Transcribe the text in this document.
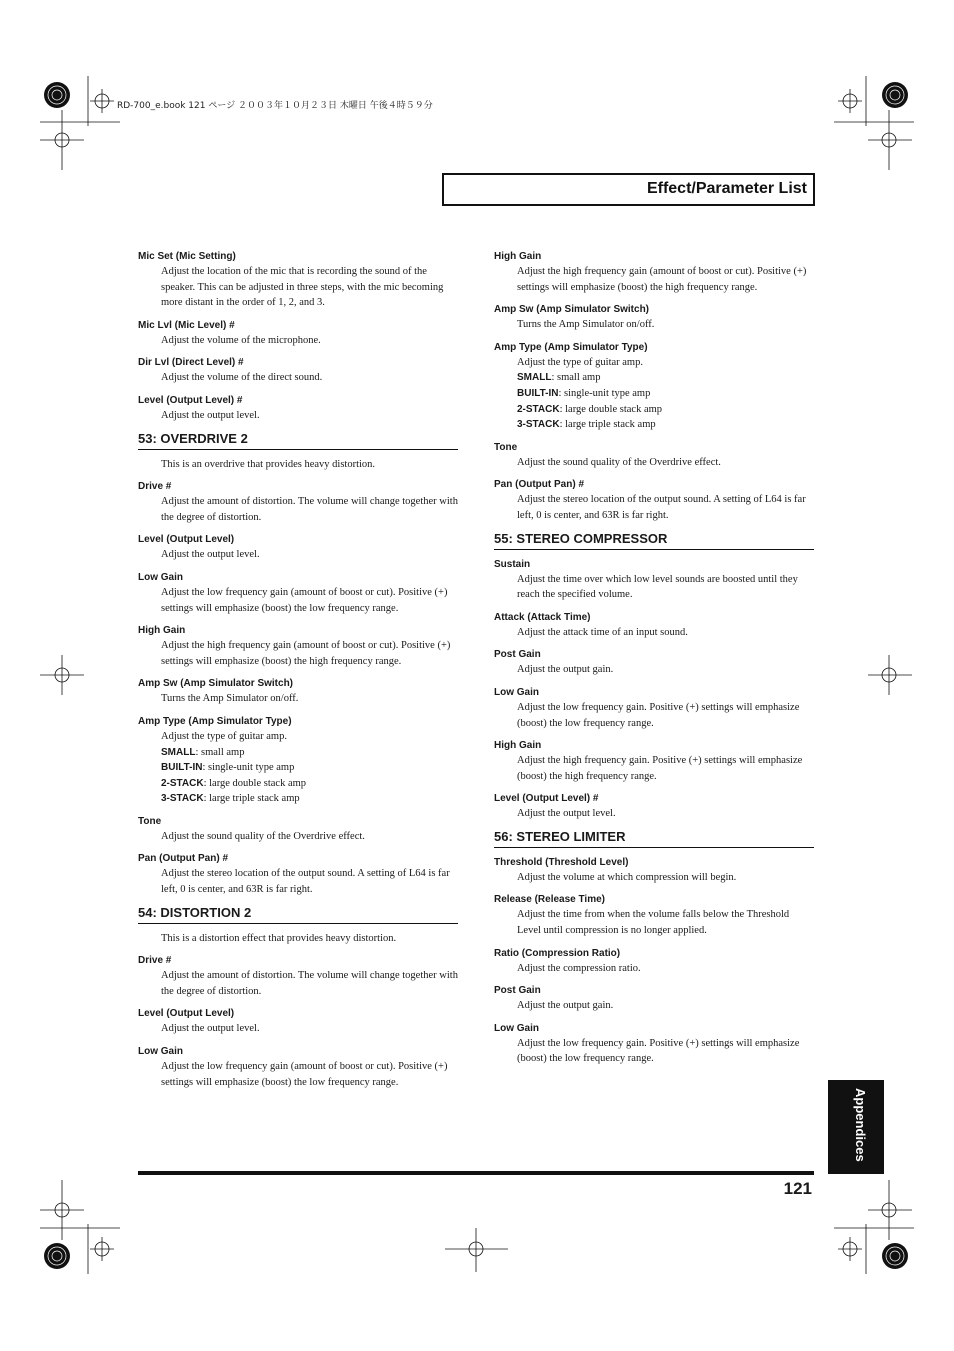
RD-700_e.book 121 ページ ２００３年１０月２３日 木曜日 午後４時５９分
Effect/Parameter List
Mic Set (Mic Setting)
Adjust the location of the mic that is recording the sound of the speaker. This can be adjusted in three steps, with the mic becoming more distant in the order of 1, 2, and 3.
Mic Lvl (Mic Level) #
Adjust the volume of the microphone.
Dir Lvl (Direct Level) #
Adjust the volume of the direct sound.
Level (Output Level) #
Adjust the output level.
53: OVERDRIVE 2
This is an overdrive that provides heavy distortion.
Drive #
Adjust the amount of distortion. The volume will change together with the degree of distortion.
Level (Output Level)
Adjust the output level.
Low Gain
Adjust the low frequency gain (amount of boost or cut). Positive (+) settings will emphasize (boost) the low frequency range.
High Gain
Adjust the high frequency gain (amount of boost or cut). Positive (+) settings will emphasize (boost) the high frequency range.
Amp Sw (Amp Simulator Switch)
Turns the Amp Simulator on/off.
Amp Type (Amp Simulator Type)
Adjust the type of guitar amp.
SMALL: small amp
BUILT-IN: single-unit type amp
2-STACK: large double stack amp
3-STACK: large triple stack amp
Tone
Adjust the sound quality of the Overdrive effect.
Pan (Output Pan) #
Adjust the stereo location of the output sound. A setting of L64 is far left, 0 is center, and 63R is far right.
54: DISTORTION 2
This is a distortion effect that provides heavy distortion.
Drive #
Adjust the amount of distortion. The volume will change together with the degree of distortion.
Level (Output Level)
Adjust the output level.
Low Gain
Adjust the low frequency gain (amount of boost or cut). Positive (+) settings will emphasize (boost) the low frequency range.
High Gain
Adjust the high frequency gain (amount of boost or cut). Positive (+) settings will emphasize (boost) the high frequency range.
Amp Sw (Amp Simulator Switch)
Turns the Amp Simulator on/off.
Amp Type (Amp Simulator Type)
Adjust the type of guitar amp.
SMALL: small amp
BUILT-IN: single-unit type amp
2-STACK: large double stack amp
3-STACK: large triple stack amp
Tone
Adjust the sound quality of the Overdrive effect.
Pan (Output Pan) #
Adjust the stereo location of the output sound. A setting of L64 is far left, 0 is center, and 63R is far right.
55: STEREO COMPRESSOR
Sustain
Adjust the time over which low level sounds are boosted until they reach the specified volume.
Attack (Attack Time)
Adjust the attack time of an input sound.
Post Gain
Adjust the output gain.
Low Gain
Adjust the low frequency gain. Positive (+) settings will emphasize (boost) the low frequency range.
High Gain
Adjust the high frequency gain. Positive (+) settings will emphasize (boost) the high frequency range.
Level (Output Level) #
Adjust the output level.
56: STEREO LIMITER
Threshold (Threshold Level)
Adjust the volume at which compression will begin.
Release (Release Time)
Adjust the time from when the volume falls below the Threshold Level until compression is no longer applied.
Ratio (Compression Ratio)
Adjust the compression ratio.
Post Gain
Adjust the output gain.
Low Gain
Adjust the low frequency gain. Positive (+) settings will emphasize (boost) the low frequency range.
121
Appendices
